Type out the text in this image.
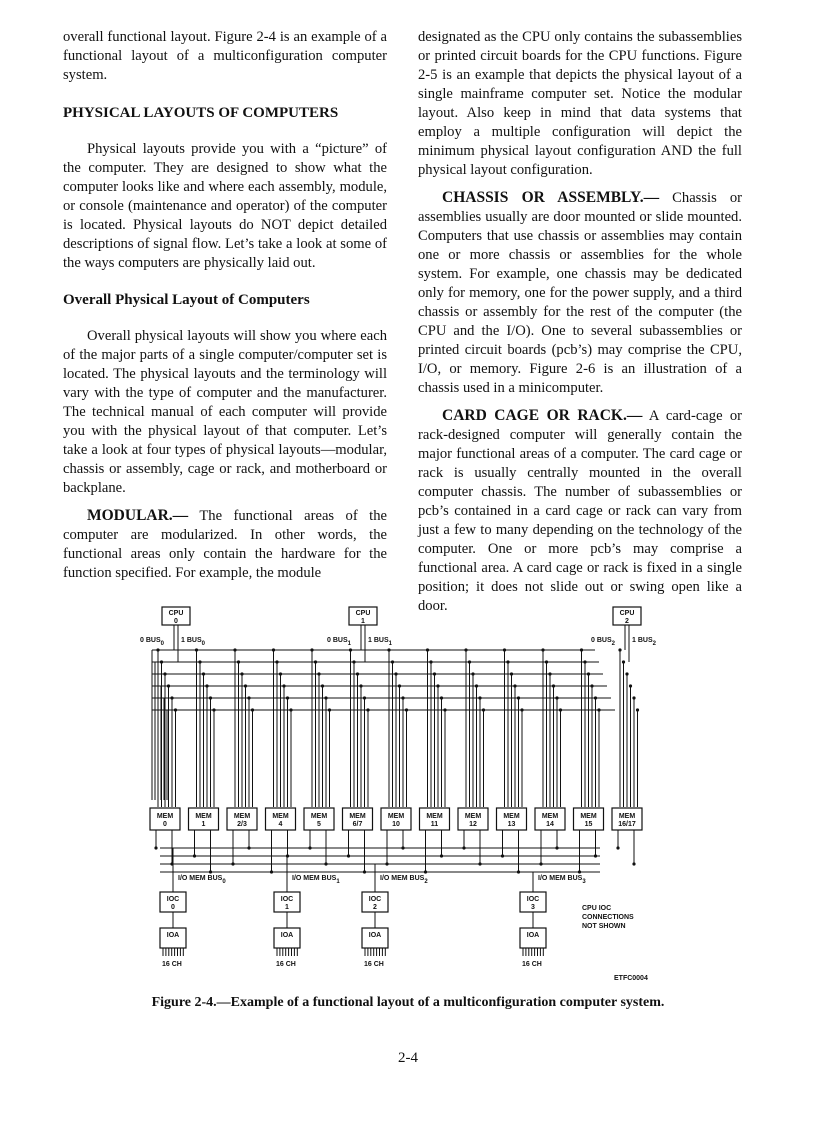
overall functional layout. Figure 2-4 is an example of a functional layout of a multiconfiguration computer system.

PHYSICAL LAYOUTS OF COMPUTERS

Physical layouts provide you with a “picture” of the computer. They are designed to show what the computer looks like and where each assembly, module, or console (maintenance and operator) of the computer is located. Physical layouts do NOT depict detailed descriptions of signal flow. Let’s take a look at some of the ways computers are physically laid out.

Overall Physical Layout of Computers

Overall physical layouts will show you where each of the major parts of a single computer/computer set is located. The physical layouts and the terminology will vary with the type of computer and the manufacturer. The technical manual of each computer will provide you with the physical layout of that computer. Let’s take a look at four types of physical layouts—modular, chassis or assembly, cage or rack, and motherboard or backplane.

MODULAR.— The functional areas of the computer are modularized. In other words, the functional areas only contain the hardware for the function specified. For example, the module

designated as the CPU only contains the subassemblies or printed circuit boards for the CPU functions. Figure 2-5 is an example that depicts the physical layout of a single mainframe computer set. Notice the modular layout. Also keep in mind that data systems that employ a multiple configuration will depict the minimum physical layout configuration AND the full physical layout configuration.

CHASSIS OR ASSEMBLY.— Chassis or assemblies usually are door mounted or slide mounted. Computers that use chassis or assemblies may contain one or more chassis or assemblies for the whole system. For example, one chassis may be dedicated only for memory, one for the power supply, and a third chassis or assembly for the rest of the computer (the CPU and the I/O). One to several subassemblies or printed circuit boards (pcb’s) may comprise the CPU, I/O, or memory. Figure 2-6 is an illustration of a chassis used in a minicomputer.

CARD CAGE OR RACK.— A card-cage or rack-designed computer will generally contain the major functional areas of a computer. The card cage or rack is usually centrally mounted in the overall computer chassis. The number of subassemblies or pcb’s contained in a card cage or rack can vary from just a few to many depending on the technology of the computer. One or more pcb’s may comprise a functional area. A card cage or rack is fixed in a single position; it does not slide out or swing open like a door.

CPU
0
0 BUS0 1 BUS0
CPU
1
0 BUS1 1 BUS1
CPU
2
0 BUS2 1 BUS2
MEM
0
MEM
1
MEM
2/3
MEM
4
MEM
5
MEM
6/7
MEM
10
MEM
11
MEM
12
MEM
13
MEM
14
MEM
15
MEM
16/17
I/O MEM BUS0
IOC
0
IOA
16 CH
I/O MEM BUS1
IOC
1
IOA
16 CH
I/O MEM BUS2
IOC
2
IOA
16 CH
I/O MEM BUS3
IOC
3
IOA
16 CH
CPU IOC
CONNECTIONS
NOT SHOWN
ETFC0004
Figure 2-4.—Example of a functional layout of a multiconfiguration computer system.
2-4
